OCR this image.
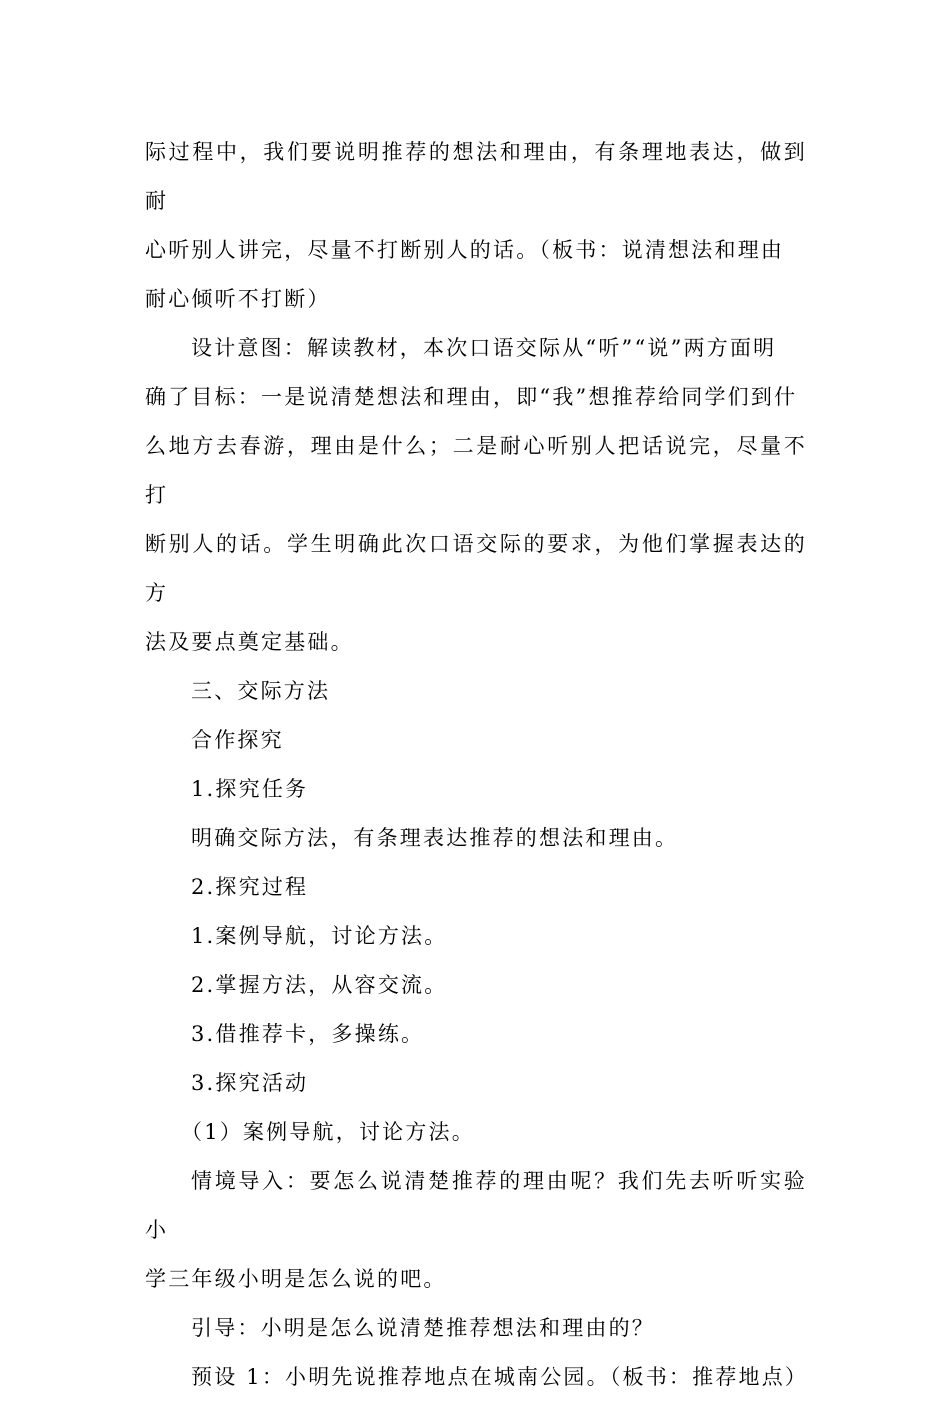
际过程中，我们要说明推荐的想法和理由，有条理地表达，做到耐

心听别人讲完，尽量不打断别人的话。（板书：说清想法和理由

耐心倾听不打断）

设计意图：解读教材，本次口语交际从“听”“说”两方面明

确了目标：一是说清楚想法和理由，即“我”想推荐给同学们到什

么地方去春游，理由是什么；二是耐心听别人把话说完，尽量不打

断别人的话。学生明确此次口语交际的要求，为他们掌握表达的方

法及要点奠定基础。

三、交际方法

合作探究

1.探究任务

明确交际方法，有条理表达推荐的想法和理由。

2.探究过程

1.案例导航，讨论方法。

2.掌握方法，从容交流。

3.借推荐卡，多操练。

3.探究活动

（1）案例导航，讨论方法。

情境导入：要怎么说清楚推荐的理由呢？我们先去听听实验小

学三年级小明是怎么说的吧。

引导：小明是怎么说清楚推荐想法和理由的？

预设 1：小明先说推荐地点在城南公园。（板书：推荐地点）
